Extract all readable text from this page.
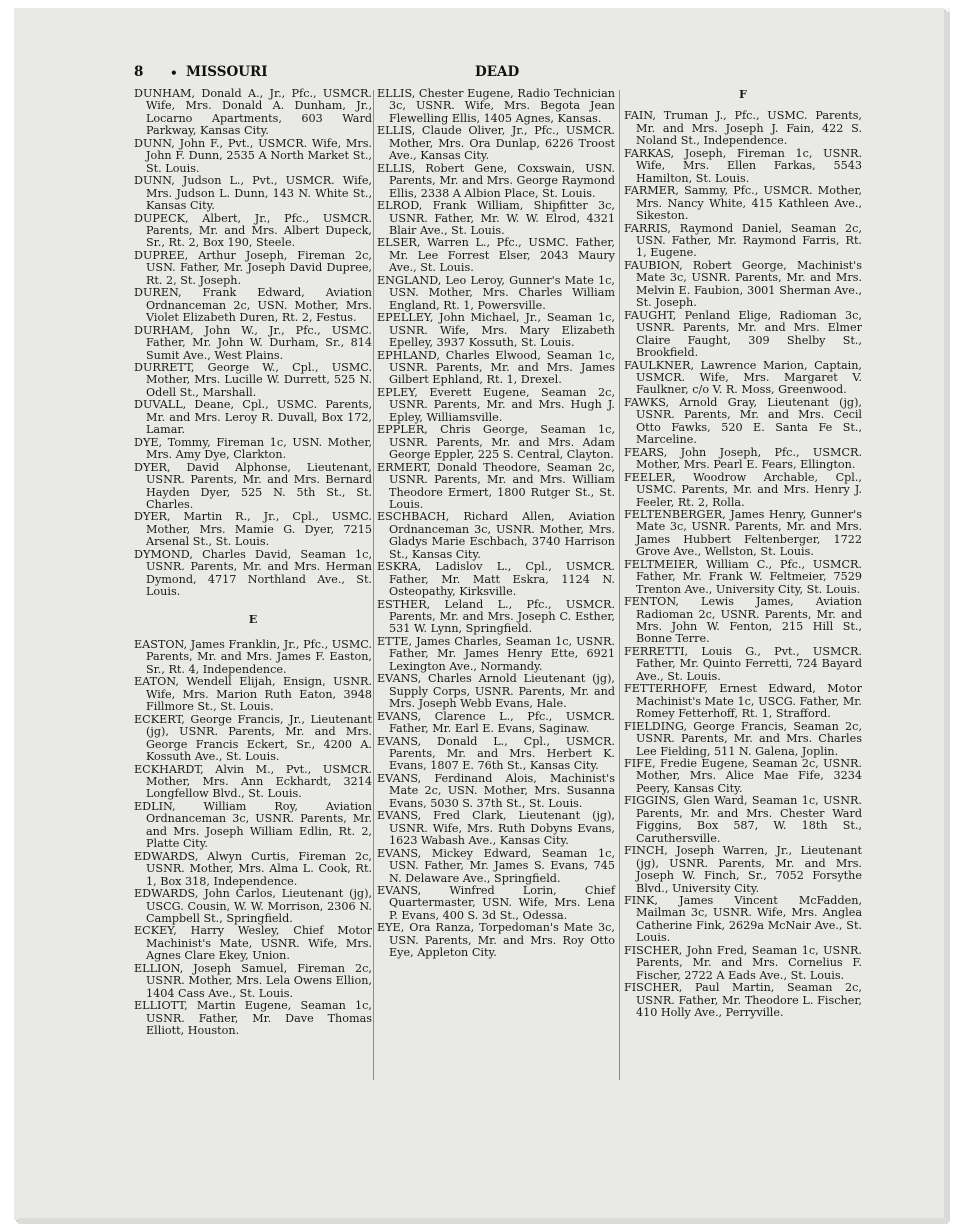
8 • MISSOURI	DEAD
DUNHAM, Donald A., Jr., Pfc., USMCR. Wife, Mrs. Donald A. Dunham, Jr., Locarno Apartments, 603 Ward Parkway, Kansas City.
DUNN, John F., Pvt., USMCR. Wife, Mrs. John F. Dunn, 2535 A North Market St., St. Louis.
DUNN, Judson L., Pvt., USMCR. Wife, Mrs. Judson L. Dunn, 143 N. White St., Kansas City.
DUPECK, Albert, Jr., Pfc., USMCR. Parents, Mr. and Mrs. Albert Dupeck, Sr., Rt. 2, Box 190, Steele.
DUPREE, Arthur Joseph, Fireman 2c, USN. Father, Mr. Joseph David Dupree, Rt. 2, St. Joseph.
DUREN, Frank Edward, Aviation Ordnanceman 2c, USN. Mother, Mrs. Violet Elizabeth Duren, Rt. 2, Festus.
DURHAM, John W., Jr., Pfc., USMC. Father, Mr. John W. Durham, Sr., 814 Sumit Ave., West Plains.
DURRETT, George W., Cpl., USMC. Mother, Mrs. Lucille W. Durrett, 525 N. Odell St., Marshall.
DUVALL, Deane, Cpl., USMC. Parents, Mr. and Mrs. Leroy R. Duvall, Box 172, Lamar.
DYE, Tommy, Fireman 1c, USN. Mother, Mrs. Amy Dye, Clarkton.
DYER, David Alphonse, Lieutenant, USNR. Parents, Mr. and Mrs. Bernard Hayden Dyer, 525 N. 5th St., St. Charles.
DYER, Martin R., Jr., Cpl., USMC. Mother, Mrs. Mamie G. Dyer, 7215 Arsenal St., St. Louis.
DYMOND, Charles David, Seaman 1c, USNR. Parents, Mr. and Mrs. Herman Dymond, 4717 Northland Ave., St. Louis.
E
EASTON, James Franklin, Jr., Pfc., USMC. Parents, Mr. and Mrs. James F. Easton, Sr., Rt. 4, Independence.
EATON, Wendell Elijah, Ensign, USNR. Wife, Mrs. Marion Ruth Eaton, 3948 Fillmore St., St. Louis.
ECKERT, George Francis, Jr., Lieutenant (jg), USNR. Parents, Mr. and Mrs. George Francis Eckert, Sr., 4200 A. Kossuth Ave., St. Louis.
ECKHARDT, Alvin M., Pvt., USMCR. Mother, Mrs. Ann Eckhardt, 3214 Longfellow Blvd., St. Louis.
EDLIN, William Roy, Aviation Ordnanceman 3c, USNR. Parents, Mr. and Mrs. Joseph William Edlin, Rt. 2, Platte City.
EDWARDS, Alwyn Curtis, Fireman 2c, USNR. Mother, Mrs. Alma L. Cook, Rt. 1, Box 318, Independence.
EDWARDS, John Carlos, Lieutenant (jg), USCG. Cousin, W. W. Morrison, 2306 N. Campbell St., Springfield.
ECKEY, Harry Wesley, Chief Motor Machinist's Mate, USNR. Wife, Mrs. Agnes Clare Ekey, Union.
ELLION, Joseph Samuel, Fireman 2c, USNR. Mother, Mrs. Lela Owens Ellion, 1404 Cass Ave., St. Louis.
ELLIOTT, Martin Eugene, Seaman 1c, USNR. Father, Mr. Dave Thomas Elliott, Houston.
ELLIS, Chester Eugene, Radio Technician 3c, USNR. Wife, Mrs. Begota Jean Flewelling Ellis, 1405 Agnes, Kansas.
ELLIS, Claude Oliver, Jr., Pfc., USMCR. Mother, Mrs. Ora Dunlap, 6226 Troost Ave., Kansas City.
ELLIS, Robert Gene, Coxswain, USN. Parents, Mr. and Mrs. George Raymond Ellis, 2338 A Albion Place, St. Louis.
ELROD, Frank William, Shipfitter 3c, USNR. Father, Mr. W. W. Elrod, 4321 Blair Ave., St. Louis.
ELSER, Warren L., Pfc., USMC. Father, Mr. Lee Forrest Elser, 2043 Maury Ave., St. Louis.
ENGLAND, Leo Leroy, Gunner's Mate 1c, USN. Mother, Mrs. Charles William England, Rt. 1, Powersville.
EPELLEY, John Michael, Jr., Seaman 1c, USNR. Wife, Mrs. Mary Elizabeth Epelley, 3937 Kossuth, St. Louis.
EPHLAND, Charles Elwood, Seaman 1c, USNR. Parents, Mr. and Mrs. James Gilbert Ephland, Rt. 1, Drexel.
EPLEY, Everett Eugene, Seaman 2c, USNR. Parents, Mr. and Mrs. Hugh J. Epley, Williamsville.
EPPLER, Chris George, Seaman 1c, USNR. Parents, Mr. and Mrs. Adam George Eppler, 225 S. Central, Clayton.
ERMERT, Donald Theodore, Seaman 2c, USNR. Parents, Mr. and Mrs. William Theodore Ermert, 1800 Rutger St., St. Louis.
ESCHBACH, Richard Allen, Aviation Ordnanceman 3c, USNR. Mother, Mrs. Gladys Marie Eschbach, 3740 Harrison St., Kansas City.
ESKRA, Ladislov L., Cpl., USMCR. Father, Mr. Matt Eskra, 1124 N. Osteopathy, Kirksville.
ESTHER, Leland L., Pfc., USMCR. Parents, Mr. and Mrs. Joseph C. Esther, 531 W. Lynn, Springfield.
ETTE, James Charles, Seaman 1c, USNR. Father, Mr. James Henry Ette, 6921 Lexington Ave., Normandy.
EVANS, Charles Arnold Lieutenant (jg), Supply Corps, USNR. Parents, Mr. and Mrs. Joseph Webb Evans, Hale.
EVANS, Clarence L., Pfc., USMCR. Father, Mr. Earl E. Evans, Saginaw.
EVANS, Donald L., Cpl., USMCR. Parents, Mr. and Mrs. Herbert K. Evans, 1807 E. 76th St., Kansas City.
EVANS, Ferdinand Alois, Machinist's Mate 2c, USN. Mother, Mrs. Susanna Evans, 5030 S. 37th St., St. Louis.
EVANS, Fred Clark, Lieutenant (jg), USNR. Wife, Mrs. Ruth Dobyns Evans, 1623 Wabash Ave., Kansas City.
EVANS, Mickey Edward, Seaman 1c, USN. Father, Mr. James S. Evans, 745 N. Delaware Ave., Springfield.
EVANS, Winfred Lorin, Chief Quartermaster, USN. Wife, Mrs. Lena P. Evans, 400 S. 3d St., Odessa.
EYE, Ora Ranza, Torpedoman's Mate 3c, USN. Parents, Mr. and Mrs. Roy Otto Eye, Appleton City.
F
FAIN, Truman J., Pfc., USMC. Parents, Mr. and Mrs. Joseph J. Fain, 422 S. Noland St., Independence.
FARKAS, Joseph, Fireman 1c, USNR. Wife, Mrs. Ellen Farkas, 5543 Hamilton, St. Louis.
FARMER, Sammy, Pfc., USMCR. Mother, Mrs. Nancy White, 415 Kathleen Ave., Sikeston.
FARRIS, Raymond Daniel, Seaman 2c, USN. Father, Mr. Raymond Farris, Rt. 1, Eugene.
FAUBION, Robert George, Machinist's Mate 3c, USNR. Parents, Mr. and Mrs. Melvin E. Faubion, 3001 Sherman Ave., St. Joseph.
FAUGHT, Penland Elige, Radioman 3c, USNR. Parents, Mr. and Mrs. Elmer Claire Faught, 309 Shelby St., Brookfield.
FAULKNER, Lawrence Marion, Captain, USMCR. Wife, Mrs. Margaret V. Faulkner, c/o V. R. Moss, Greenwood.
FAWKS, Arnold Gray, Lieutenant (jg), USNR. Parents, Mr. and Mrs. Cecil Otto Fawks, 520 E. Santa Fe St., Marceline.
FEARS, John Joseph, Pfc., USMCR. Mother, Mrs. Pearl E. Fears, Ellington.
FEELER, Woodrow Archable, Cpl., USMC. Parents, Mr. and Mrs. Henry J. Feeler, Rt. 2, Rolla.
FELTENBERGER, James Henry, Gunner's Mate 3c, USNR. Parents, Mr. and Mrs. James Hubbert Feltenberger, 1722 Grove Ave., Wellston, St. Louis.
FELTMEIER, William C., Pfc., USMCR. Father, Mr. Frank W. Feltmeier, 7529 Trenton Ave., University City, St. Louis.
FENTON, Lewis James, Aviation Radioman 2c, USNR. Parents, Mr. and Mrs. John W. Fenton, 215 Hill St., Bonne Terre.
FERRETTI, Louis G., Pvt., USMCR. Father, Mr. Quinto Ferretti, 724 Bayard Ave., St. Louis.
FETTERHOFF, Ernest Edward, Motor Machinist's Mate 1c, USCG. Father, Mr. Romey Fetterhoff, Rt. 1, Strafford.
FIELDING, George Francis, Seaman 2c, USNR. Parents, Mr. and Mrs. Charles Lee Fielding, 511 N. Galena, Joplin.
FIFE, Fredie Eugene, Seaman 2c, USNR. Mother, Mrs. Alice Mae Fife, 3234 Peery, Kansas City.
FIGGINS, Glen Ward, Seaman 1c, USNR. Parents, Mr. and Mrs. Chester Ward Figgins, Box 587, W. 18th St., Caruthersville.
FINCH, Joseph Warren, Jr., Lieutenant (jg), USNR. Parents, Mr. and Mrs. Joseph W. Finch, Sr., 7052 Forsythe Blvd., University City.
FINK, James Vincent McFadden, Mailman 3c, USNR. Wife, Mrs. Anglea Catherine Fink, 2629a McNair Ave., St. Louis.
FISCHER, John Fred, Seaman 1c, USNR. Parents, Mr. and Mrs. Cornelius F. Fischer, 2722 A Eads Ave., St. Louis.
FISCHER, Paul Martin, Seaman 2c, USNR. Father, Mr. Theodore L. Fischer, 410 Holly Ave., Perryville.
